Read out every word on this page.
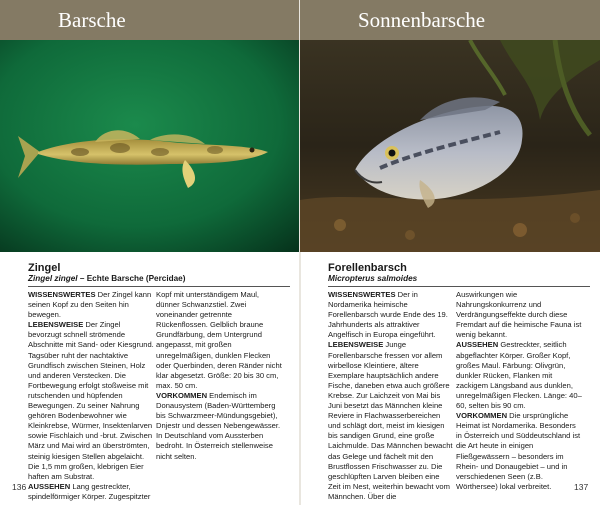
Barsche
Zingel
Zingel zingel – Echte Barsche (Percidae)

WISSENSWERTES Der Zingel kann seinen Kopf zu den Seiten hin bewegen.

LEBENSWEISE Der Zingel bevorzugt schnell strömende Abschnitte mit Sand- oder Kiesgrund. Tagsüber ruht der nachtaktive Grundfisch zwischen Steinen, Holz und anderen Verstecken. Die Fortbewegung erfolgt stoßweise mit rutschenden und hüpfenden Bewegungen. Zu seiner Nahrung gehören Bodenbewohner wie Kleinkrebse, Würmer, Insektenlarven sowie Fischlaich und -brut. Zwischen März und Mai wird an überströmten, steinig kiesigen Stellen abgelaicht. Die 1,5 mm großen, klebrigen Eier haften am Substrat.

AUSSEHEN Lang gestreckter, spindelförmiger Körper. Zugespitzter

Kopf mit unterständigem Maul, dünner Schwanzstiel. Zwei voneinander getrennte Rückenflossen. Gelblich braune Grundfärbung, dem Untergrund angepasst, mit großen unregelmäßigen, dunklen Flecken oder Querbinden, deren Ränder nicht klar abgesetzt. Größe: 20 bis 30 cm, max. 50 cm.

VORKOMMEN Endemisch im Donausystem (Baden-Württemberg bis Schwarzmeer-Mündungsgebiet), Dnjestr und dessen Nebengewässer. In Deutschland vom Aussterben bedroht. In Österreich stellenweise nicht selten.

136
Sonnenbarsche
Forellenbarsch
Micropterus salmoides

WISSENSWERTES Der in Nordamerika heimische Forellenbarsch wurde Ende des 19. Jahrhunderts als attraktiver Angelfisch in Europa eingeführt.

LEBENSWEISE Junge Forellenbarsche fressen vor allem wirbellose Kleintiere, ältere Exemplare hauptsächlich andere Fische, daneben etwa auch größere Krebse. Zur Laichzeit von Mai bis Juni besetzt das Männchen kleine Reviere in Flachwasserbereichen und schlägt dort, meist im kiesigen bis sandigen Grund, eine große Laichmulde. Das Männchen bewacht das Gelege und fächelt mit den Brustflossen Frischwasser zu. Die geschlüpften Larven bleiben eine Zeit im Nest, weiterhin bewacht vom Männchen. Über die

Auswirkungen wie Nahrungskonkurrenz und Verdrängungseffekte durch diese Fremdart auf die heimische Fauna ist wenig bekannt.

AUSSEHEN Gestreckter, seitlich abgeflachter Körper. Großer Kopf, großes Maul. Färbung: Olivgrün, dunkler Rücken, Flanken mit zackigem Längsband aus dunklen, unregelmäßigen Flecken. Länge: 40–60, selten bis 90 cm.

VORKOMMEN Die ursprüngliche Heimat ist Nordamerika. Besonders in Österreich und Süddeutschland ist die Art heute in einigen Fließgewässern – besonders im Rhein- und Donaugebiet – und in verschiedenen Seen (z.B. Wörthersee) lokal verbreitet.	137
